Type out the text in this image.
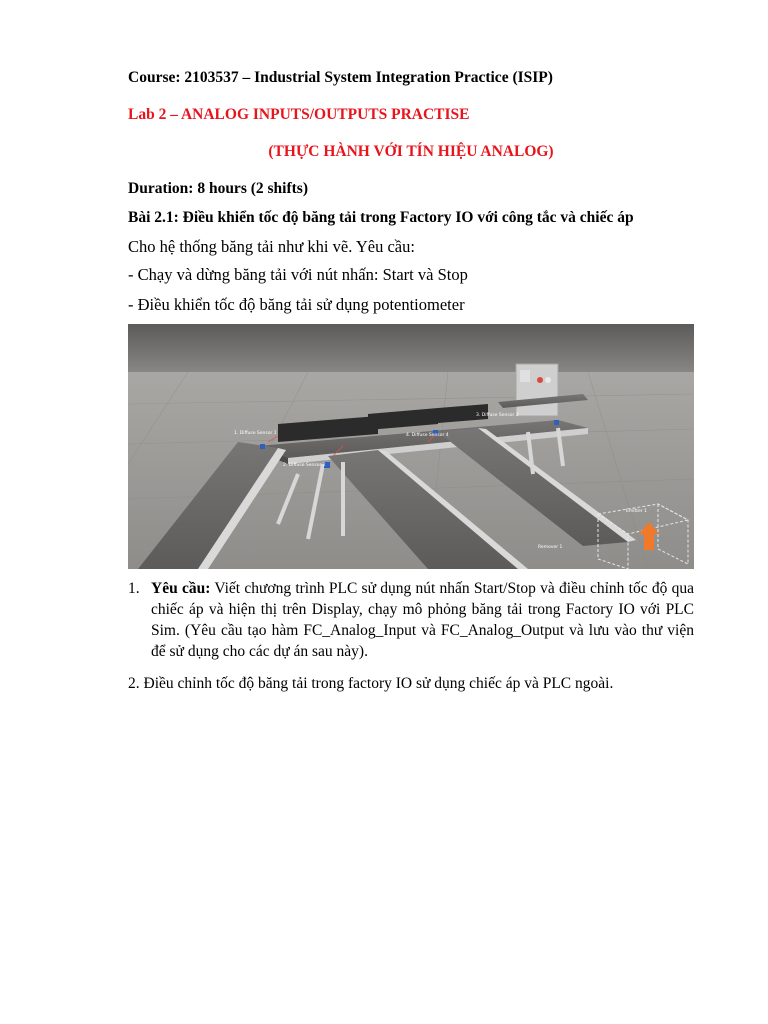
Course: 2103537 – Industrial System Integration Practice (ISIP)
Lab 2 – ANALOG INPUTS/OUTPUTS PRACTISE
(THỰC HÀNH VỚI TÍN HIỆU ANALOG)
Duration: 8 hours (2 shifts)
Bài 2.1: Điều khiển tốc độ băng tải trong Factory IO với công tắc và chiếc áp
Cho hệ thống băng tải như khi vẽ. Yêu cầu:
- Chạy và dừng băng tải với nút nhấn: Start và Stop
- Điều khiển tốc độ băng tải sử dụng potentiometer
1. Diffuse Sensor 1
2. Diffuse Sensor 2
4. Diffuse Sensor 4
3. Diffuse Sensor 3
Emitter 1
Remover 1
1. Yêu cầu: Viết chương trình PLC sử dụng nút nhấn Start/Stop và điều chỉnh tốc độ qua chiếc áp và hiện thị trên Display, chạy mô phỏng băng tải trong Factory IO với PLC Sim. (Yêu cầu tạo hàm FC_Analog_Input và FC_Analog_Output và lưu vào thư viện để sử dụng cho các dự án sau này).
2. Điều chỉnh tốc độ băng tải trong factory IO sử dụng chiếc áp và PLC ngoài.
